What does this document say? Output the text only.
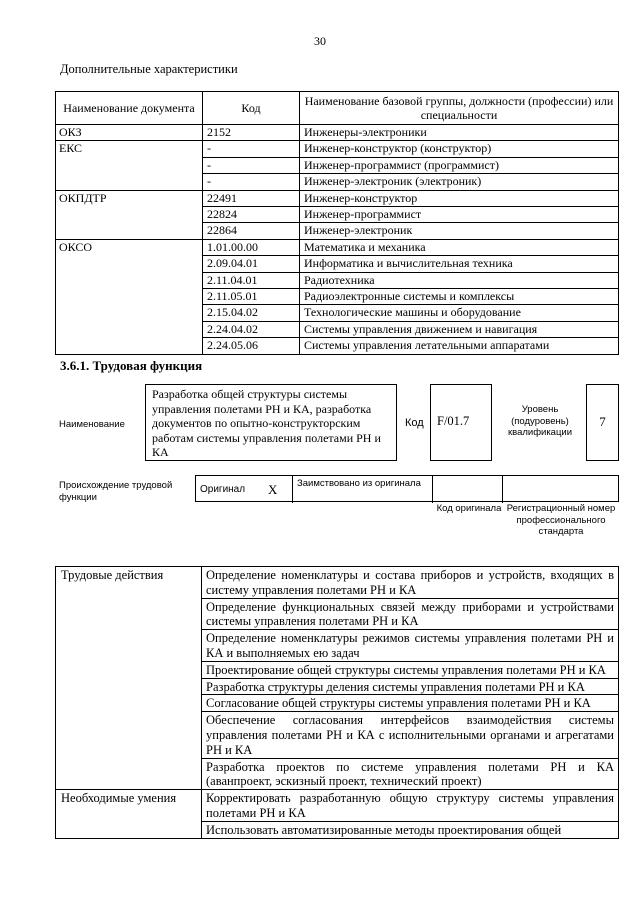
30
Дополнительные характеристики
Наименование документа	Код	Наименование базовой группы, должности (профессии) или специальности
ОКЗ	2152	Инженеры-электроники
ЕКС	-	Инженер-конструктор (конструктор)
	-	Инженер-программист (программист)
	-	Инженер-электроник (электроник)
ОКПДТР	22491	Инженер-конструктор
	22824	Инженер-программист
	22864	Инженер-электроник
ОКСО	1.01.00.00	Математика и механика
	2.09.04.01	Информатика и вычислительная техника
	2.11.04.01	Радиотехника
	2.11.05.01	Радиоэлектронные системы и комплексы
	2.15.04.02	Технологические машины и оборудование
	2.24.04.02	Системы управления движением и навигация
	2.24.05.06	Системы управления летательными аппаратами
3.6.1. Трудовая функция
Наименование
Разработка общей структуры системы управления полетами РН и КА, разработка документов по опытно-конструкторским работам системы управления полетами РН и КА
Код	F/01.7
Уровень (подуровень) квалификации
7
Происхождение трудовой функции
Оригинал X	Заимствовано из оригинала
Код оригинала Регистрационный номер профессионального стандарта
Трудовые действия	Определение номенклатуры и состава приборов и устройств, входящих в систему управления полетами РН и КА
	Определение функциональных связей между приборами и устройствами системы управления полетами РН и КА
	Определение номенклатуры режимов системы управления полетами РН и КА и выполняемых ею задач
	Проектирование общей структуры системы управления полетами РН и КА
	Разработка структуры деления системы управления полетами РН и КА
	Согласование общей структуры системы управления полетами РН и КА
	Обеспечение согласования интерфейсов взаимодействия системы управления полетами РН и КА с исполнительными органами и агрегатами РН и КА
	Разработка проектов по системе управления полетами РН и КА (аванпроект, эскизный проект, технический проект)
Необходимые умения	Корректировать разработанную общую структуру системы управления полетами РН и КА
	Использовать автоматизированные методы проектирования общей
